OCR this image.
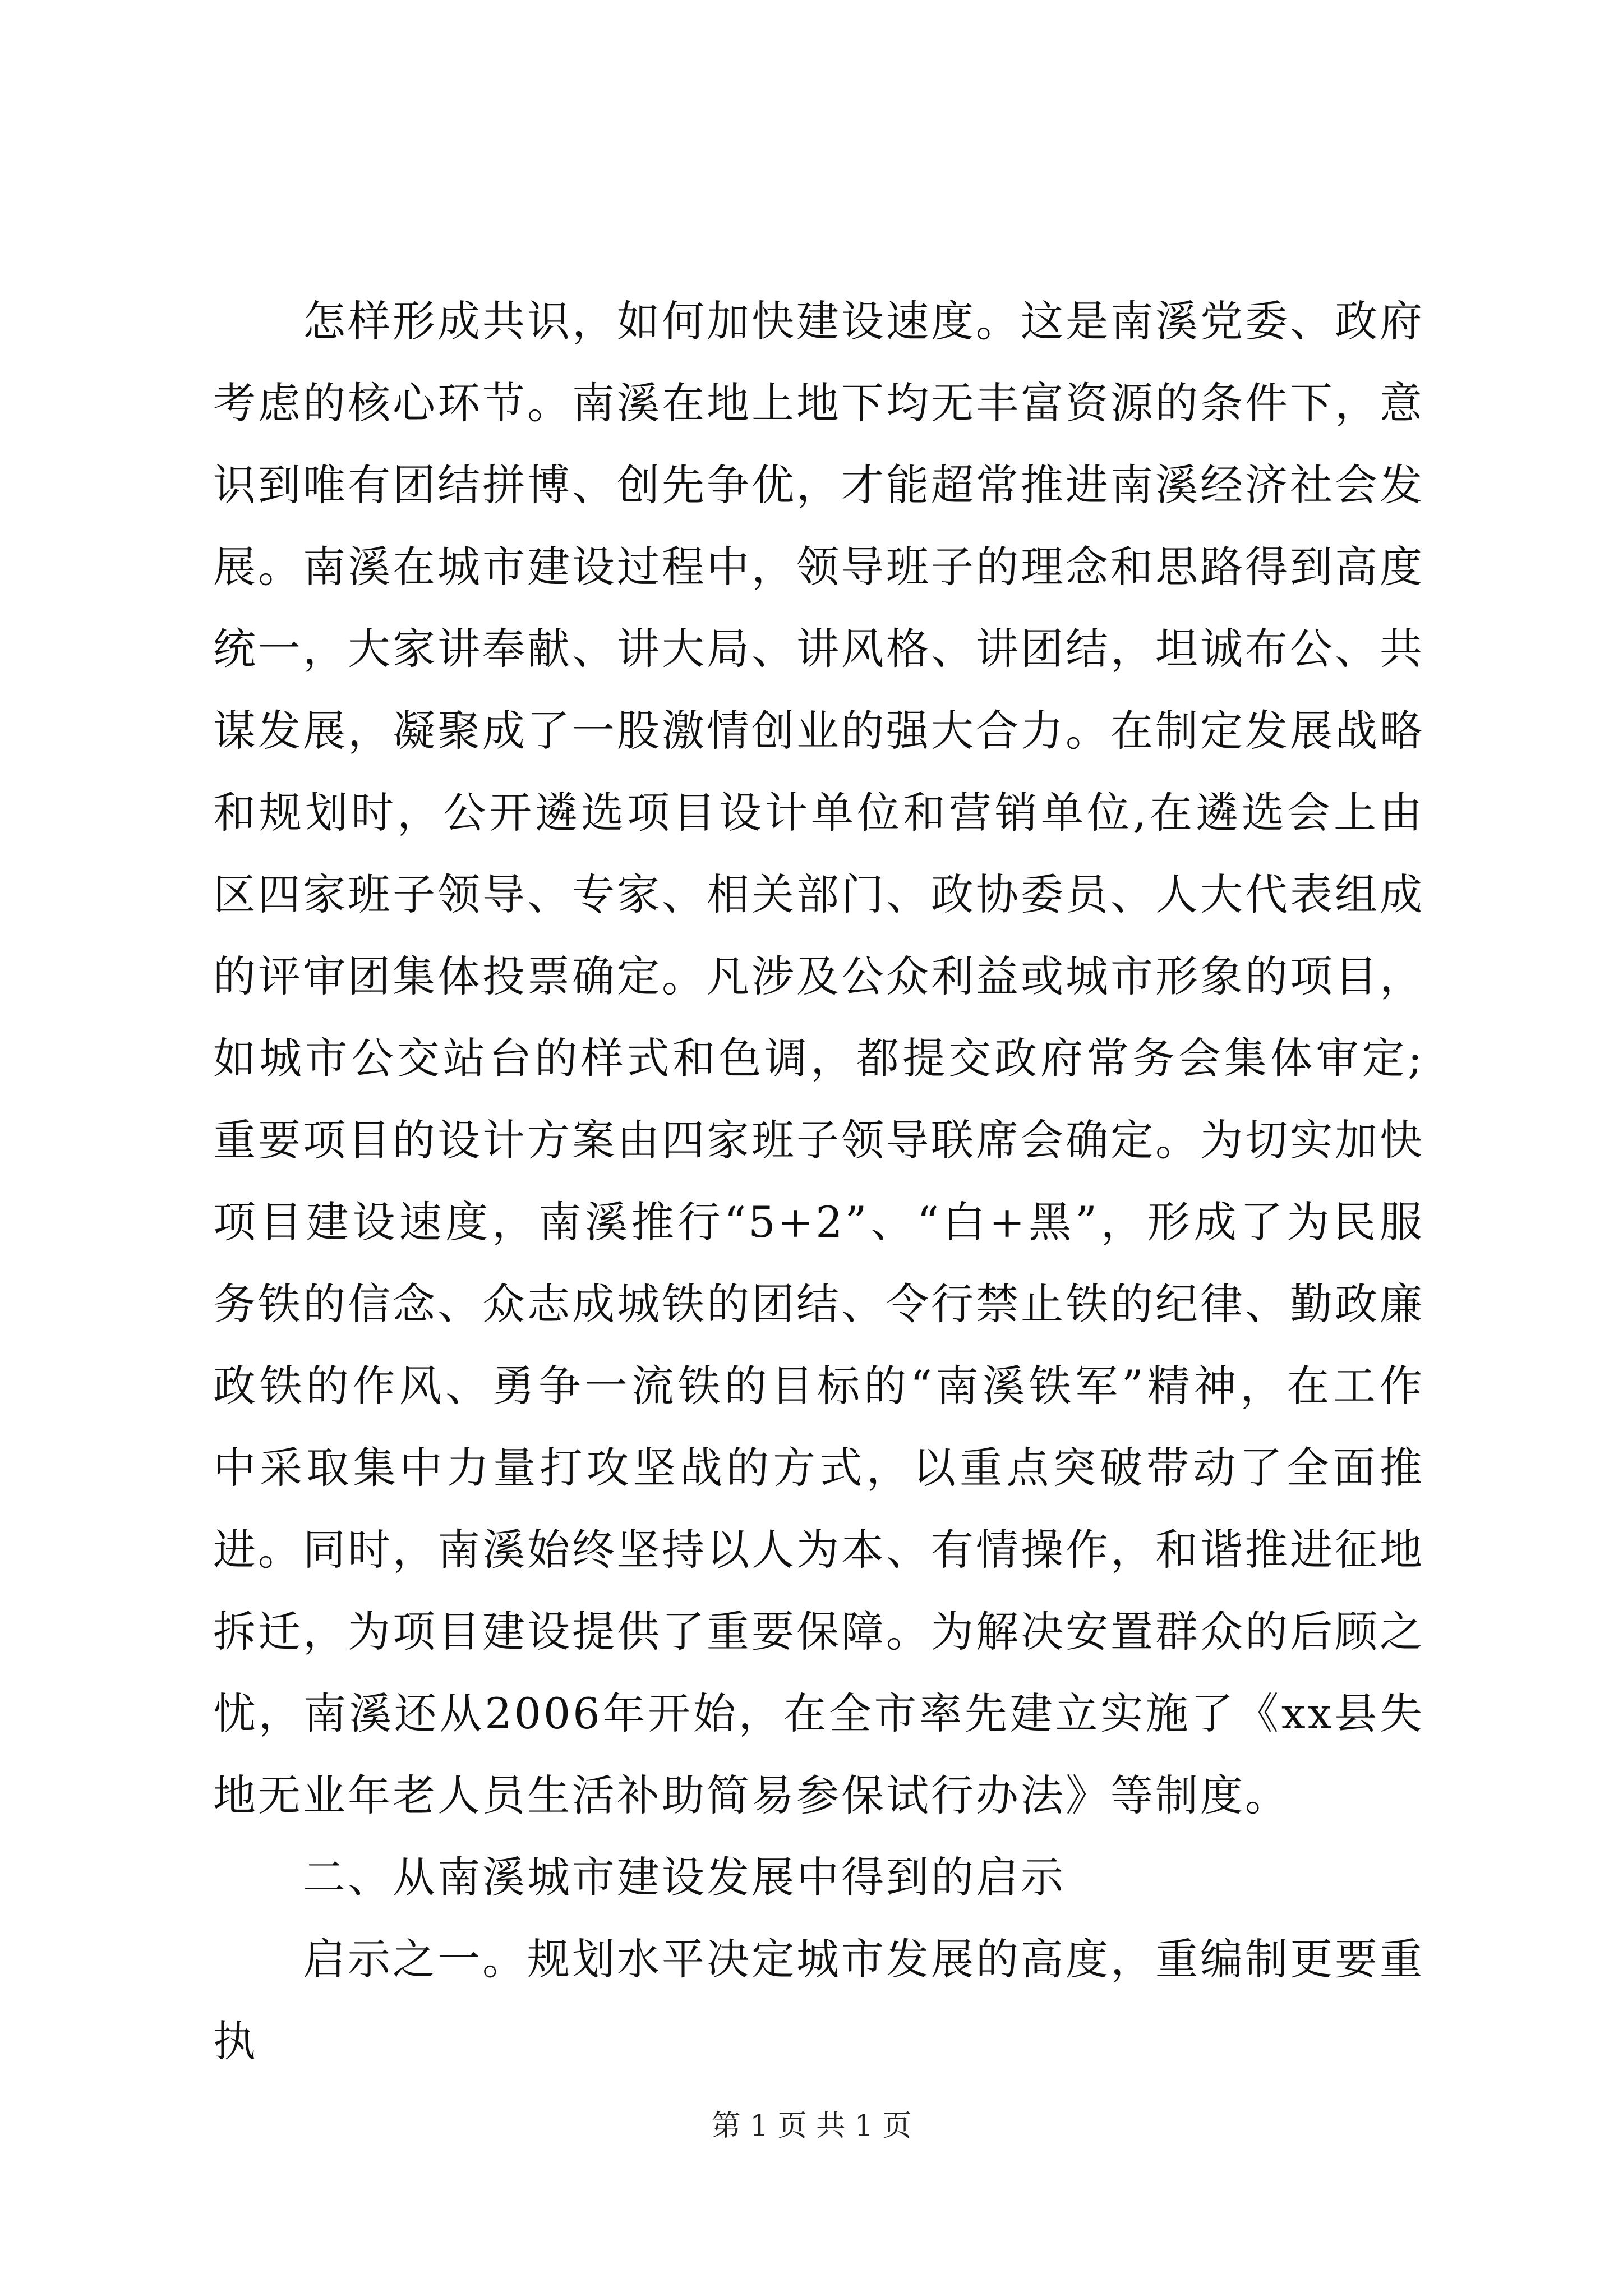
怎样形成共识，如何加快建设速度。这是南溪党委、政府考虑的核心环节。南溪在地上地下均无丰富资源的条件下，意识到唯有团结拼博、创先争优，才能超常推进南溪经济社会发展。南溪在城市建设过程中，领导班子的理念和思路得到高度统一，大家讲奉献、讲大局、讲风格、讲团结，坦诚布公、共谋发展，凝聚成了一股激情创业的强大合力。在制定发展战略和规划时，公开遴选项目设计单位和营销单位,在遴选会上由区四家班子领导、专家、相关部门、政协委员、人大代表组成的评审团集体投票确定。凡涉及公众利益或城市形象的项目，如城市公交站台的样式和色调，都提交政府常务会集体审定;重要项目的设计方案由四家班子领导联席会确定。为切实加快项目建设速度，南溪推行“5+2”、“白+黑”，形成了为民服务铁的信念、众志成城铁的团结、令行禁止铁的纪律、勤政廉政铁的作风、勇争一流铁的目标的“南溪铁军”精神，在工作中采取集中力量打攻坚战的方式，以重点突破带动了全面推进。同时，南溪始终坚持以人为本、有情操作，和谐推进征地拆迁，为项目建设提供了重要保障。为解决安置群众的后顾之忧，南溪还从2006年开始，在全市率先建立实施了《xx县失地无业年老人员生活补助简易参保试行办法》等制度。

二、从南溪城市建设发展中得到的启示

启示之一。规划水平决定城市发展的高度，重编制更要重执

第 1 页 共 1 页
